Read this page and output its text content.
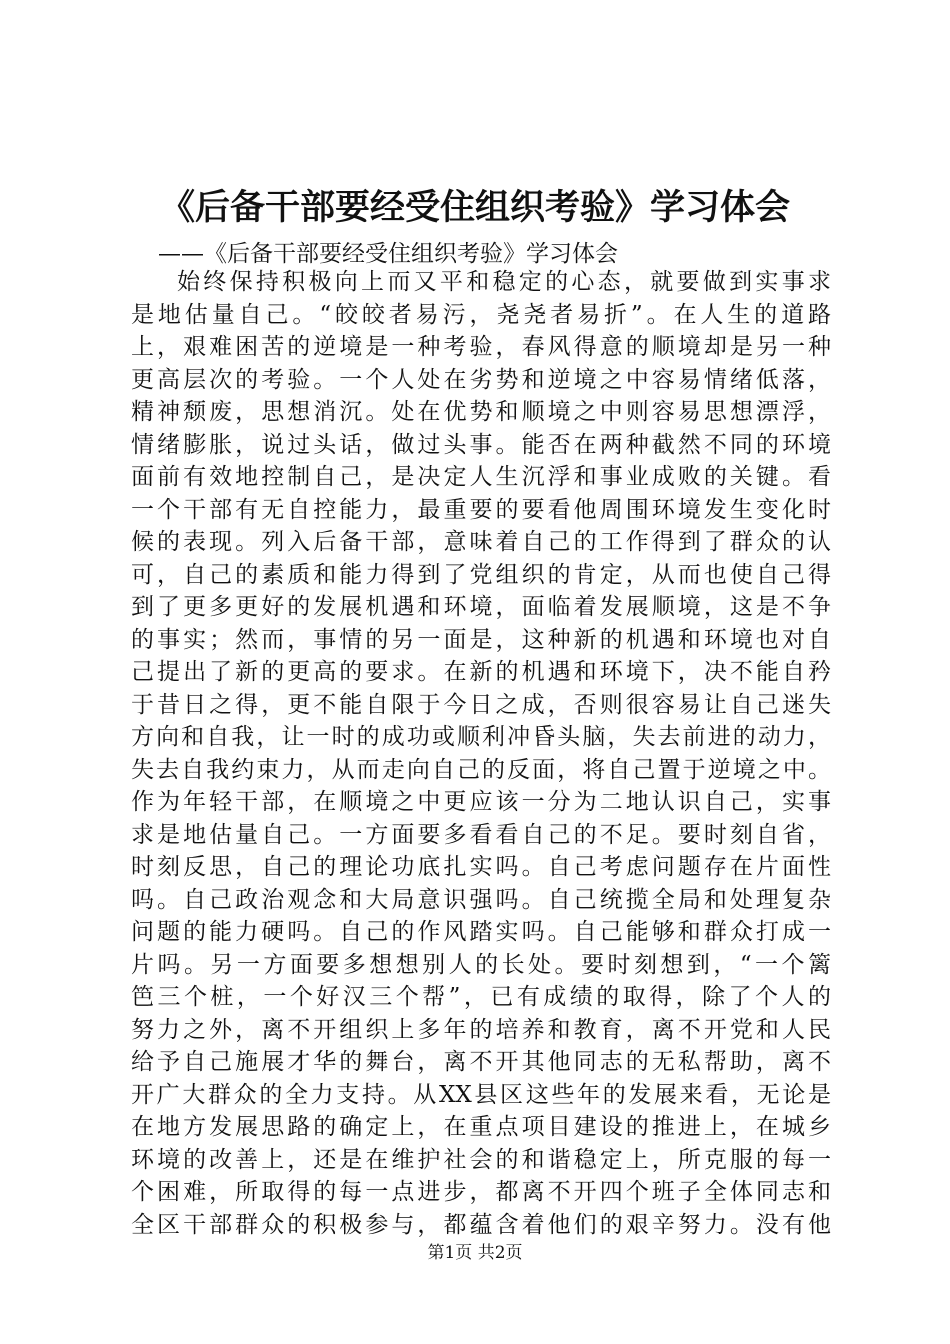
《后备干部要经受住组织考验》学习体会
——《后备干部要经受住组织考验》学习体会
始终保持积极向上而又平和稳定的心态，就要做到实事求
是地估量自己。“皎皎者易污，尧尧者易折”。在人生的道路
上，艰难困苦的逆境是一种考验，春风得意的顺境却是另一种
更高层次的考验。一个人处在劣势和逆境之中容易情绪低落，
精神颓废，思想消沉。处在优势和顺境之中则容易思想漂浮，
情绪膨胀，说过头话，做过头事。能否在两种截然不同的环境
面前有效地控制自己，是决定人生沉浮和事业成败的关键。看
一个干部有无自控能力，最重要的要看他周围环境发生变化时
候的表现。列入后备干部，意味着自己的工作得到了群众的认
可，自己的素质和能力得到了党组织的肯定，从而也使自己得
到了更多更好的发展机遇和环境，面临着发展顺境，这是不争
的事实；然而，事情的另一面是，这种新的机遇和环境也对自
己提出了新的更高的要求。在新的机遇和环境下，决不能自矜
于昔日之得，更不能自限于今日之成，否则很容易让自己迷失
方向和自我，让一时的成功或顺利冲昏头脑，失去前进的动力，
失去自我约束力，从而走向自己的反面，将自己置于逆境之中。
作为年轻干部，在顺境之中更应该一分为二地认识自己，实事
求是地估量自己。一方面要多看看自己的不足。要时刻自省，
时刻反思，自己的理论功底扎实吗。自己考虑问题存在片面性
吗。自己政治观念和大局意识强吗。自己统揽全局和处理复杂
问题的能力硬吗。自己的作风踏实吗。自己能够和群众打成一
片吗。另一方面要多想想别人的长处。要时刻想到，“一个篱
笆三个桩，一个好汉三个帮”，已有成绩的取得，除了个人的
努力之外，离不开组织上多年的培养和教育，离不开党和人民
给予自己施展才华的舞台，离不开其他同志的无私帮助，离不
开广大群众的全力支持。从XX县区这些年的发展来看，无论是
在地方发展思路的确定上，在重点项目建设的推进上，在城乡
环境的改善上，还是在维护社会的和谐稳定上，所克服的每一
个困难，所取得的每一点进步，都离不开四个班子全体同志和
全区干部群众的积极参与，都蕴含着他们的艰辛努力。没有他
第1页 共2页
